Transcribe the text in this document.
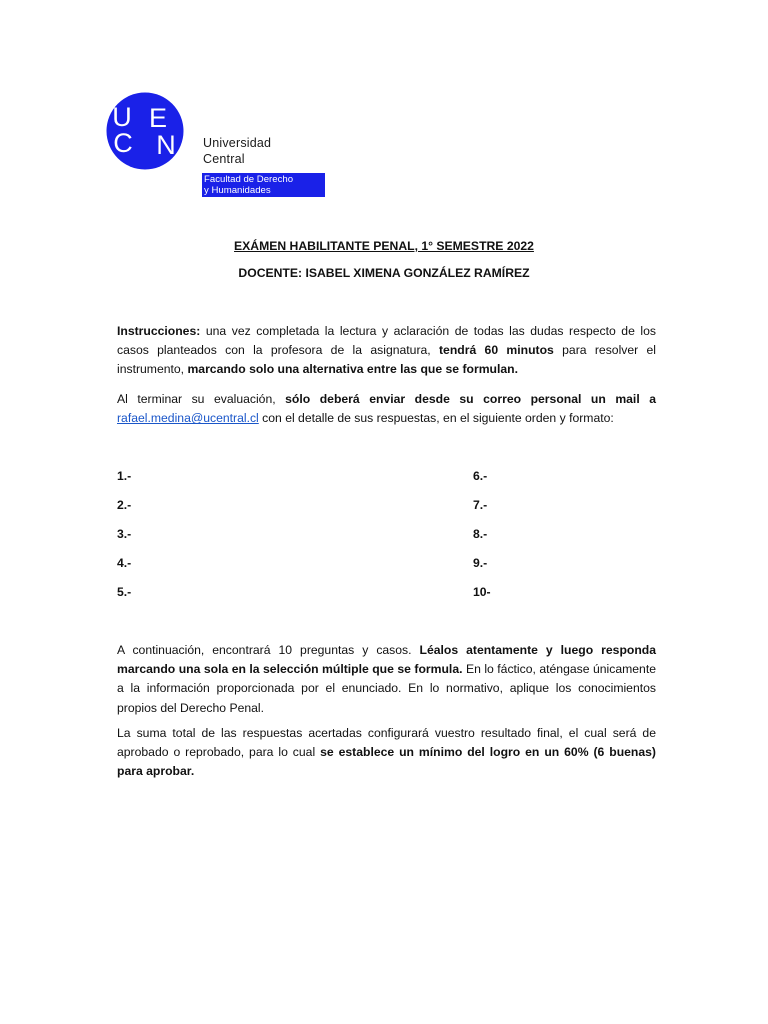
U
C
E
N Universidad
Central
Facultad de Derecho
y Humanidades
EXÁMEN HABILITANTE PENAL, 1° SEMESTRE 2022
DOCENTE: ISABEL XIMENA GONZÁLEZ RAMÍREZ
Instrucciones: una vez completada la lectura y aclaración de todas las dudas respecto de los casos planteados con la profesora de la asignatura, tendrá 60 minutos para resolver el instrumento, marcando solo una alternativa entre las que se formulan.
Al terminar su evaluación, sólo deberá enviar desde su correo personal un mail a rafael.medina@ucentral.cl con el detalle de sus respuestas, en el siguiente orden y formato:
1.-
2.-
3.-
4.-
5.-
6.-
7.-
8.-
9.-
10-
A continuación, encontrará 10 preguntas y casos. Léalos atentamente y luego responda marcando una sola en la selección múltiple que se formula. En lo fáctico, aténgase únicamente a la información proporcionada por el enunciado. En lo normativo, aplique los conocimientos propios del Derecho Penal.
La suma total de las respuestas acertadas configurará vuestro resultado final, el cual será de aprobado o reprobado, para lo cual se establece un mínimo del logro en un 60% (6 buenas) para aprobar.
